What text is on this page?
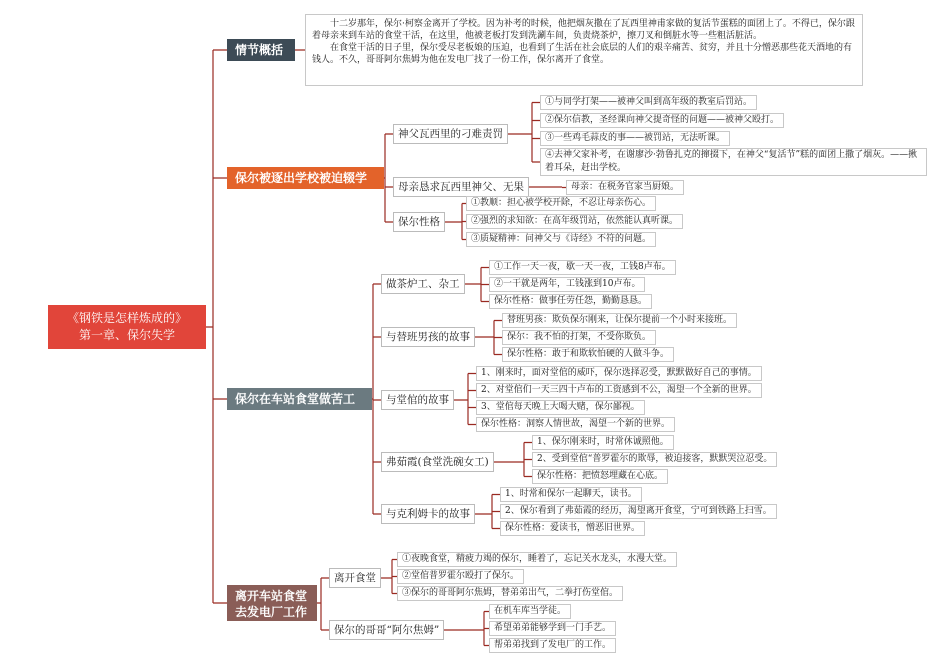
《钢铁是怎样炼成的》
第一章、保尔失学
情节概括

十二岁那年，保尔·柯察金离开了学校。因为补考的时候，他把烟灰撒在了瓦西里神甫家做的复活节蛋糕的面团上了。不得已，保尔跟着母亲来到车站的食堂干活，在这里，他被老板打发到洗涮车间，负责烧茶炉，擦刀叉和倒脏水等一些粗活脏活。

在食堂干活的日子里，保尔受尽老板娘的压迫，也看到了生活在社会底层的人们的艰辛痛苦、贫穷，并且十分憎恶那些花天酒地的有钱人。不久，哥哥阿尔焦姆为他在发电厂找了一份工作，保尔离开了食堂。

保尔被逐出学校被迫辍学
神父瓦西里的刁难责罚
①与同学打架——被神父叫到高年级的教室后罚站。
②保尔信教，圣经课向神父提奇怪的问题——被神父殴打。
③一些鸡毛蒜皮的事——被罚站，无法听课。
④去神父家补考，在谢廖沙·勃鲁扎克的撺掇下，在神父“复活节”糕的面团上撒了烟灰。——揪着耳朵，赶出学校。
母亲恳求瓦西里神父、无果	母亲：在税务官家当厨娘。
保尔性格
①教顺：担心被学校开除，不忍让母亲伤心。
②强烈的求知欲：在高年级罚站，依然能认真听课。
③质疑精神：问神父与《诗经》不符的问题。
保尔在车站食堂做苦工
做茶炉工、杂工
①工作一天一夜，歇一天一夜，工钱8卢布。
②一干就是两年，工钱涨到10卢布。
保尔性格：做事任劳任怨，勤勤恳恳。
与替班男孩的故事
替班男孩：欺负保尔刚来，让保尔提前一个小时来接班。
保尔：我不怕的打架，不受你欺负。
保尔性格：敢于和欺软怕硬的人做斗争。
与堂倌的故事
1、刚来时，面对堂倌的威吓，保尔选择忍受，默默做好自己的事情。
2、对堂倌们一天三四十卢布的工资感到不公，渴望一个全新的世界。
3、堂倌每天晚上大喝大赌，保尔鄙视。
保尔性格：洞察人情世故，渴望一个新的世界。
弗茹霞(食堂洗碗女工)
1、保尔刚来时，时常休诚照他。
2、受到堂倌“普罗霍尔的欺辱，被迫接客，默默哭泣忍受。
保尔性格：把愤怒埋藏在心底。
与克利姆卡的故事
1、时常和保尔一起聊天，读书。
2、保尔看到了弗茹霞的经历，渴望离开食堂，宁可到铁路上扫雪。
保尔性格：爱读书，憎恶旧世界。
离开车站食堂去发电厂工作
离开食堂
①夜晚食堂，精疲力竭的保尔，睡着了，忘记关水龙头，水漫大堂。
②堂倌普罗霍尔殴打了保尔。
③保尔的哥哥阿尔焦姆，替弟弟出气，二拳打伤堂倌。
保尔的哥哥“阿尔焦姆”
在机车库当学徒。
希望弟弟能够学到一门手艺。
帮弟弟找到了发电厂的工作。
